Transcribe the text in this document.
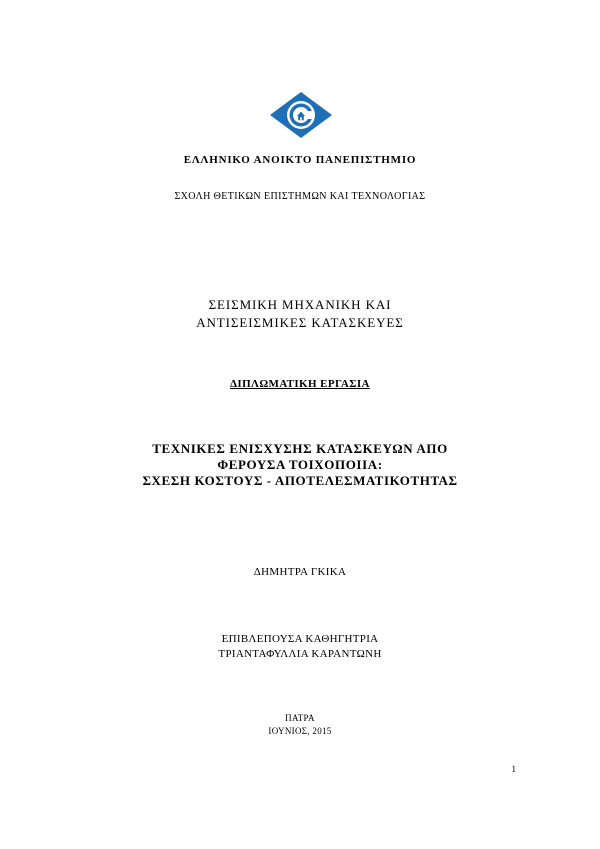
ΕΛΛΗΝΙΚΟ ΑΝΟΙΚΤΟ ΠΑΝΕΠΙΣΤΗΜΙΟ
ΣΧΟΛΗ ΘΕΤΙΚΩΝ ΕΠΙΣΤΗΜΩΝ ΚΑΙ ΤΕΧΝΟΛΟΓΙΑΣ
ΣΕΙΣΜΙΚΗ ΜΗΧΑΝΙΚΗ ΚΑΙ
ΑΝΤΙΣΕΙΣΜΙΚΕΣ ΚΑΤΑΣΚΕΥΕΣ
ΔΙΠΛΩΜΑΤΙΚΗ ΕΡΓΑΣΙΑ
ΤΕΧΝΙΚΕΣ ΕΝΙΣΧΥΣΗΣ ΚΑΤΑΣΚΕΥΩΝ ΑΠΟ
ΦΕΡΟΥΣΑ ΤΟΙΧΟΠΟΙΙΑ:
ΣΧΕΣΗ ΚΟΣΤΟΥΣ - ΑΠΟΤΕΛΕΣΜΑΤΙΚΟΤΗΤΑΣ
ΔΗΜΗΤΡΑ ΓΚΙΚΑ
ΕΠΙΒΛΕΠΟΥΣΑ ΚΑΘΗΓΗΤΡΙΑ
ΤΡΙΑΝΤΑΦΥΛΛΙΑ ΚΑΡΑΝΤΩΝΗ
ΠΑΤΡΑ
ΙΟΥΝΙΟΣ, 2015
1
